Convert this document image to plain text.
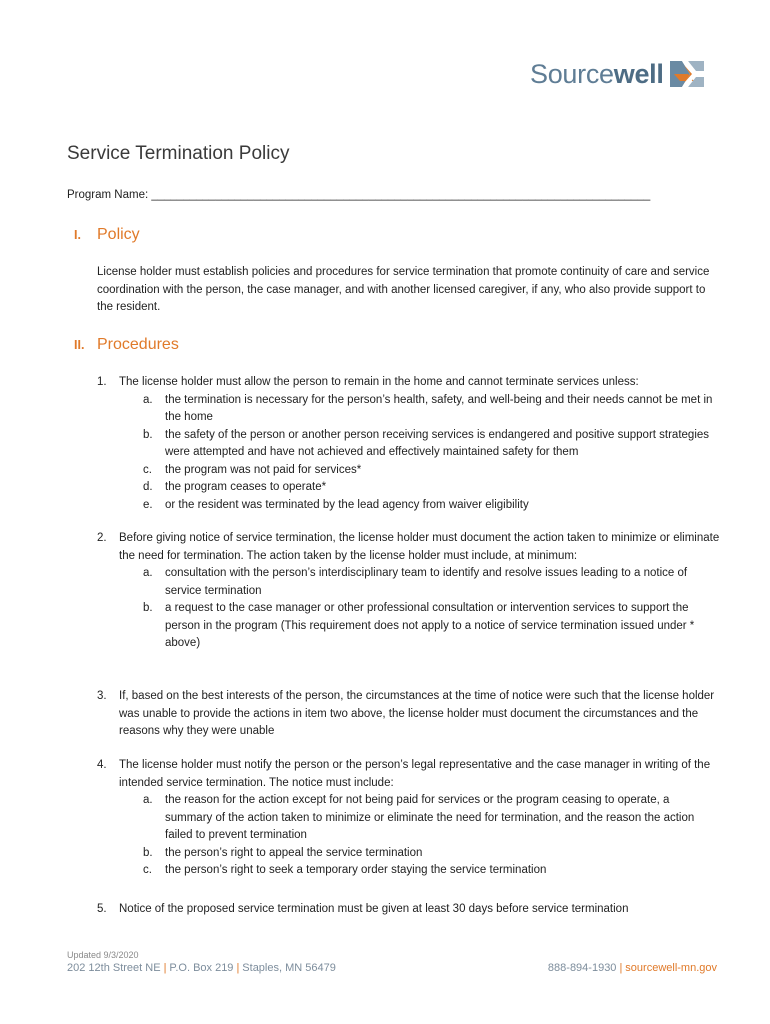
Sourcewell
Service Termination Policy
Program Name: ______________________________________________________________________________
I. Policy
License holder must establish policies and procedures for service termination that promote continuity of care and service coordination with the person, the case manager, and with another licensed caregiver, if any, who also provide support to the resident.
II. Procedures
1.	The license holder must allow the person to remain in the home and cannot terminate services unless:
a. the termination is necessary for the person’s health, safety, and well-being and their needs cannot be met in the home
b. the safety of the person or another person receiving services is endangered and positive support strategies were attempted and have not achieved and effectively maintained safety for them
c. the program was not paid for services*
d. the program ceases to operate*
e. or the resident was terminated by the lead agency from waiver eligibility
2.	Before giving notice of service termination, the license holder must document the action taken to minimize or eliminate the need for termination. The action taken by the license holder must include, at minimum:
a. consultation with the person’s interdisciplinary team to identify and resolve issues leading to a notice of service termination
b. a request to the case manager or other professional consultation or intervention services to support the person in the program (This requirement does not apply to a notice of service termination issued under * above)
3.	If, based on the best interests of the person, the circumstances at the time of notice were such that the license holder was unable to provide the actions in item two above, the license holder must document the circumstances and the reasons why they were unable
4.	The license holder must notify the person or the person’s legal representative and the case manager in writing of the intended service termination. The notice must include:
a. the reason for the action except for not being paid for services or the program ceasing to operate, a summary of the action taken to minimize or eliminate the need for termination, and the reason the action failed to prevent termination
b. the person’s right to appeal the service termination
c. the person’s right to seek a temporary order staying the service termination
5.	Notice of the proposed service termination must be given at least 30 days before service termination
Updated 9/3/2020
202 12th Street NE | P.O. Box 219 | Staples, MN 56479	888-894-1930 | sourcewell-mn.gov
